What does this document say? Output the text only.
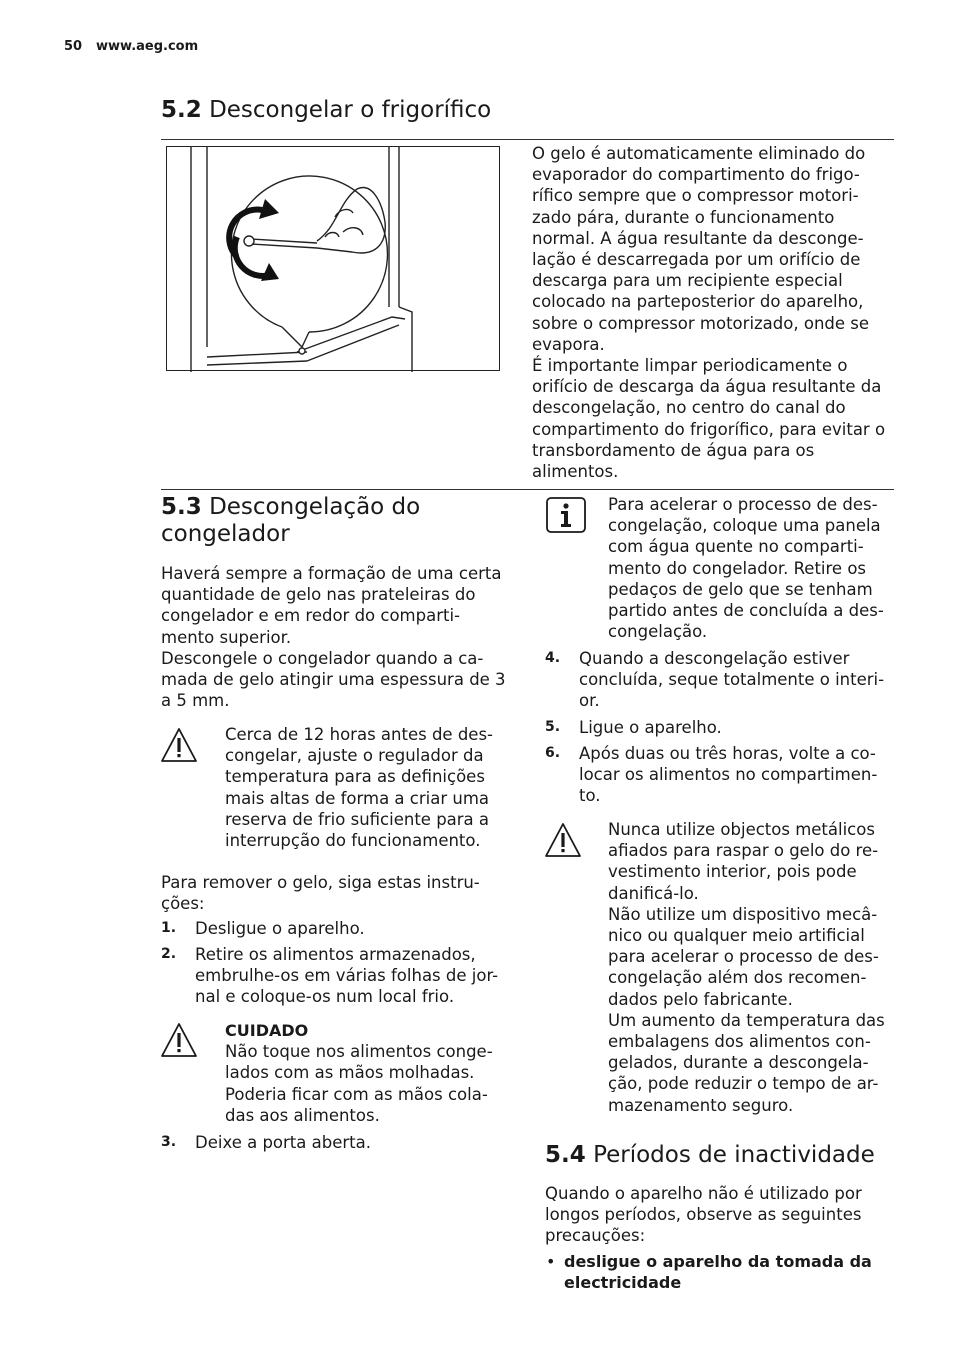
50 www.aeg.com
5.2 Descongelar o frigorífico

O gelo é automaticamente eliminado do evaporador do compartimento do frigo-rífico sempre que o compressor motori-zado pára, durante o funcionamento normal. A água resultante da desconge-lação é descarregada por um orifício de descarga para um recipiente especial colocado na parteposterior do aparelho, sobre o compressor motorizado, onde se evapora.

É importante limpar periodicamente o orifício de descarga da água resultante da descongelação, no centro do canal do compartimento do frigorífico, para evitar o transbordamento de água para os alimentos.

5.3 Descongelação do
congelador

Haverá sempre a formação de uma certa quantidade de gelo nas prateleiras do congelador e em redor do comparti-mento superior.

Descongele o congelador quando a ca-mada de gelo atingir uma espessura de 3 a 5 mm.

Cerca de 12 horas antes de des-congelar, ajuste o regulador da temperatura para as definições mais altas de forma a criar uma reserva de frio suficiente para a interrupção do funcionamento.
Para remover o gelo, siga estas instru-ções:
1. Desligue o aparelho.
2. Retire os alimentos armazenados, embrulhe-os em várias folhas de jor-nal e coloque-os num local frio.

CUIDADO

Não toque nos alimentos conge-lados com as mãos molhadas. Poderia ficar com as mãos cola-das aos alimentos.

3. Deixe a porta aberta.
Para acelerar o processo de des-congelação, coloque uma panela com água quente no comparti-mento do congelador. Retire os pedaços de gelo que se tenham partido antes de concluída a des-congelação.
4. Quando a descongelação estiver concluída, seque totalmente o interi-or.
5. Ligue o aparelho.
6. Após duas ou três horas, volte a co-locar os alimentos no compartimen-to.

Nunca utilize objectos metálicos afiados para raspar o gelo do re-vestimento interior, pois pode danificá-lo.

Não utilize um dispositivo mecâ-nico ou qualquer meio artificial para acelerar o processo de des-congelação além dos recomen-dados pelo fabricante.

Um aumento da temperatura das embalagens dos alimentos con-gelados, durante a descongela-ção, pode reduzir o tempo de ar-mazenamento seguro.

5.4 Períodos de inactividade
Quando o aparelho não é utilizado por longos períodos, observe as seguintes precauções:
• desligue o aparelho da tomada da electricidade
